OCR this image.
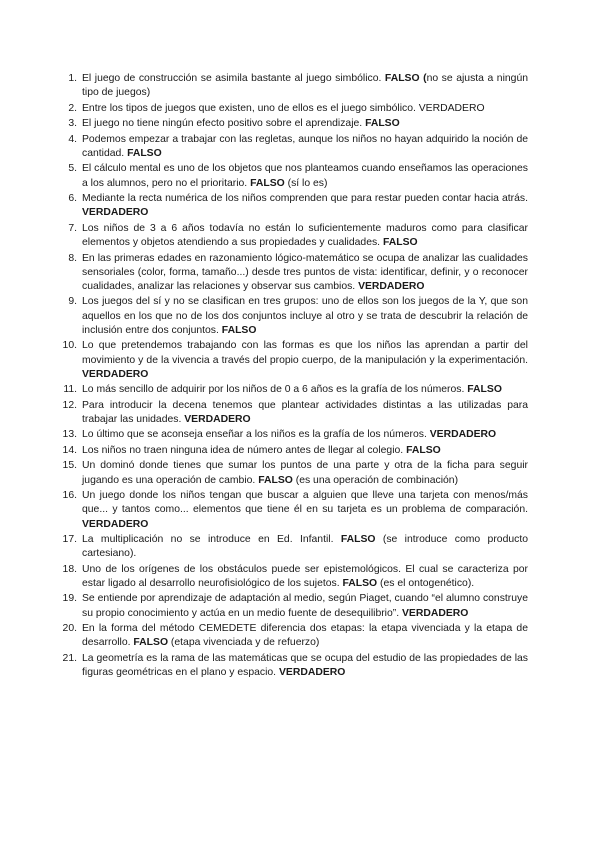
1. El juego de construcción se asimila bastante al juego simbólico. FALSO (no se ajusta a ningún tipo de juegos)
2. Entre los tipos de juegos que existen, uno de ellos es el juego simbólico. VERDADERO
3. El juego no tiene ningún efecto positivo sobre el aprendizaje. FALSO
4. Podemos empezar a trabajar con las regletas, aunque los niños no hayan adquirido la noción de cantidad. FALSO
5. El cálculo mental es uno de los objetos que nos planteamos cuando enseñamos las operaciones a los alumnos, pero no el prioritario. FALSO (sí lo es)
6. Mediante la recta numérica de los niños comprenden que para restar pueden contar hacia atrás. VERDADERO
7. Los niños de 3 a 6 años todavía no están lo suficientemente maduros como para clasificar elementos y objetos atendiendo a sus propiedades y cualidades. FALSO
8. En las primeras edades en razonamiento lógico-matemático se ocupa de analizar las cualidades sensoriales (color, forma, tamaño...) desde tres puntos de vista: identificar, definir, y o reconocer cualidades, analizar las relaciones y observar sus cambios. VERDADERO
9. Los juegos del sí y no se clasifican en tres grupos: uno de ellos son los juegos de la Y, que son aquellos en los que no de los dos conjuntos incluye al otro y se trata de descubrir la relación de inclusión entre dos conjuntos. FALSO
10. Lo que pretendemos trabajando con las formas es que los niños las aprendan a partir del movimiento y de la vivencia a través del propio cuerpo, de la manipulación y la experimentación. VERDADERO
11. Lo más sencillo de adquirir por los niños de 0 a 6 años es la grafía de los números. FALSO
12. Para introducir la decena tenemos que plantear actividades distintas a las utilizadas para trabajar las unidades. VERDADERO
13. Lo último que se aconseja enseñar a los niños es la grafía de los números. VERDADERO
14. Los niños no traen ninguna idea de número antes de llegar al colegio. FALSO
15. Un dominó donde tienes que sumar los puntos de una parte y otra de la ficha para seguir jugando es una operación de cambio. FALSO (es una operación de combinación)
16. Un juego donde los niños tengan que buscar a alguien que lleve una tarjeta con menos/más que... y tantos como... elementos que tiene él en su tarjeta es un problema de comparación. VERDADERO
17. La multiplicación no se introduce en Ed. Infantil. FALSO (se introduce como producto cartesiano).
18. Uno de los orígenes de los obstáculos puede ser epistemológicos. El cual se caracteriza por estar ligado al desarrollo neurofisiológico de los sujetos. FALSO (es el ontogenético).
19. Se entiende por aprendizaje de adaptación al medio, según Piaget, cuando “el alumno construye su propio conocimiento y actúa en un medio fuente de desequilibrio”. VERDADERO
20. En la forma del método CEMEDETE diferencia dos etapas: la etapa vivenciada y la etapa de desarrollo. FALSO (etapa vivenciada y de refuerzo)
21. La geometría es la rama de las matemáticas que se ocupa del estudio de las propiedades de las figuras geométricas en el plano y espacio. VERDADERO
